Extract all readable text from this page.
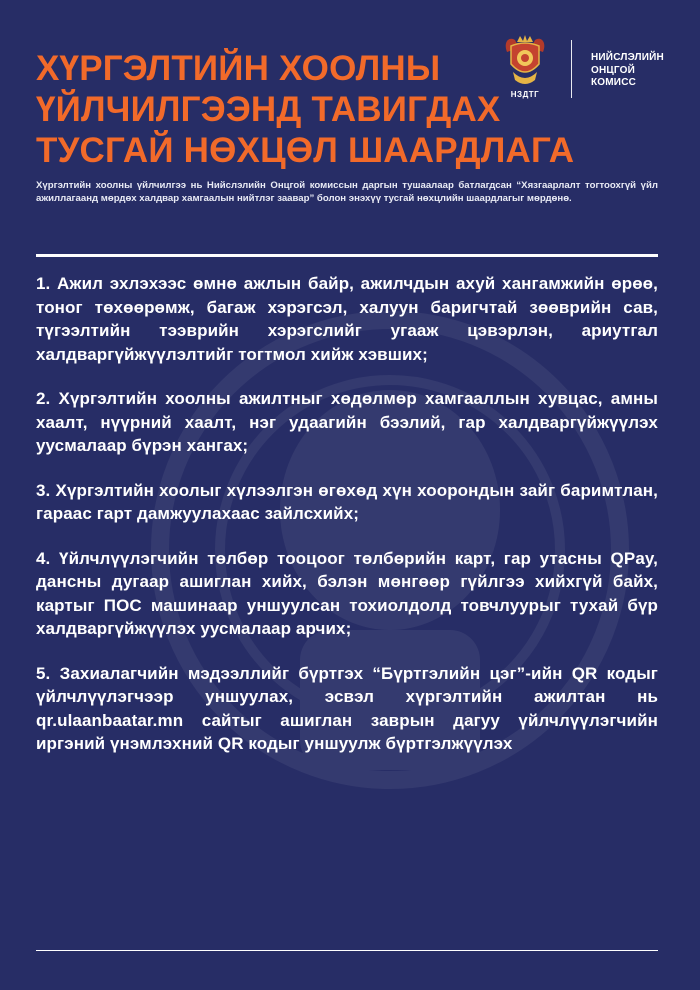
ХҮРГЭЛТИЙН ХООЛНЫ
ҮЙЛЧИЛГЭЭНД ТАВИГДАХ
ТУСГАЙ НӨХЦӨЛ ШААРДЛАГА
НЗДТГ
НИЙСЛЭЛИЙН
ОНЦГОЙ
КОМИСС

Хүргэлтийн хоолны үйлчилгээ нь Нийслэлийн Онцгой комиссын даргын тушаалаар батлагдсан “Хязгаарлалт тогтоохгүй үйл ажиллагаанд мөрдөх халдвар хамгаалын нийтлэг заавар” болон энэхүү тусгай нөхцлийн шаардлагыг мөрдөнө.

1. Ажил эхлэхээс өмнө ажлын байр, ажилчдын ахуй хангамжийн өрөө, тоног төхөөрөмж, багаж хэрэгсэл, халуун баригчтай зөөврийн сав, түгээлтийн тээврийн хэрэгслийг угааж цэвэрлэн, ариутгал халдваргүйжүүлэлтийг тогтмол хийж хэвших;

2. Хүргэлтийн хоолны ажилтныг хөдөлмөр хамгааллын хувцас, амны хаалт, нүүрний хаалт, нэг удаагийн бээлий, гар халдваргүйжүүлэх уусмалаар бүрэн хангах;

3. Хүргэлтийн хоолыг хүлээлгэн өгөхөд хүн хоорондын зайг баримтлан, гараас гарт дамжуулахаас зайлсхийх;

4. Үйлчлүүлэгчийн төлбөр тооцоог төлбөрийн карт, гар утасны QPay, дансны дугаар ашиглан хийх, бэлэн мөнгөөр гүйлгээ хийхгүй байх, картыг ПОС машинаар уншуулсан тохиолдолд товчлуурыг тухай бүр халдваргүйжүүлэх уусмалаар арчих;

5. Захиалагчийн мэдээллийг бүртгэх “Бүртгэлийн цэг”-ийн QR кодыг үйлчлүүлэгчээр уншуулах, эсвэл хүргэлтийн ажилтан нь qr.ulaanbaatar.mn сайтыг ашиглан заврын дагуу үйлчлүүлэгчийн иргэний үнэмлэхний QR кодыг уншуулж бүртгэлжүүлэх
